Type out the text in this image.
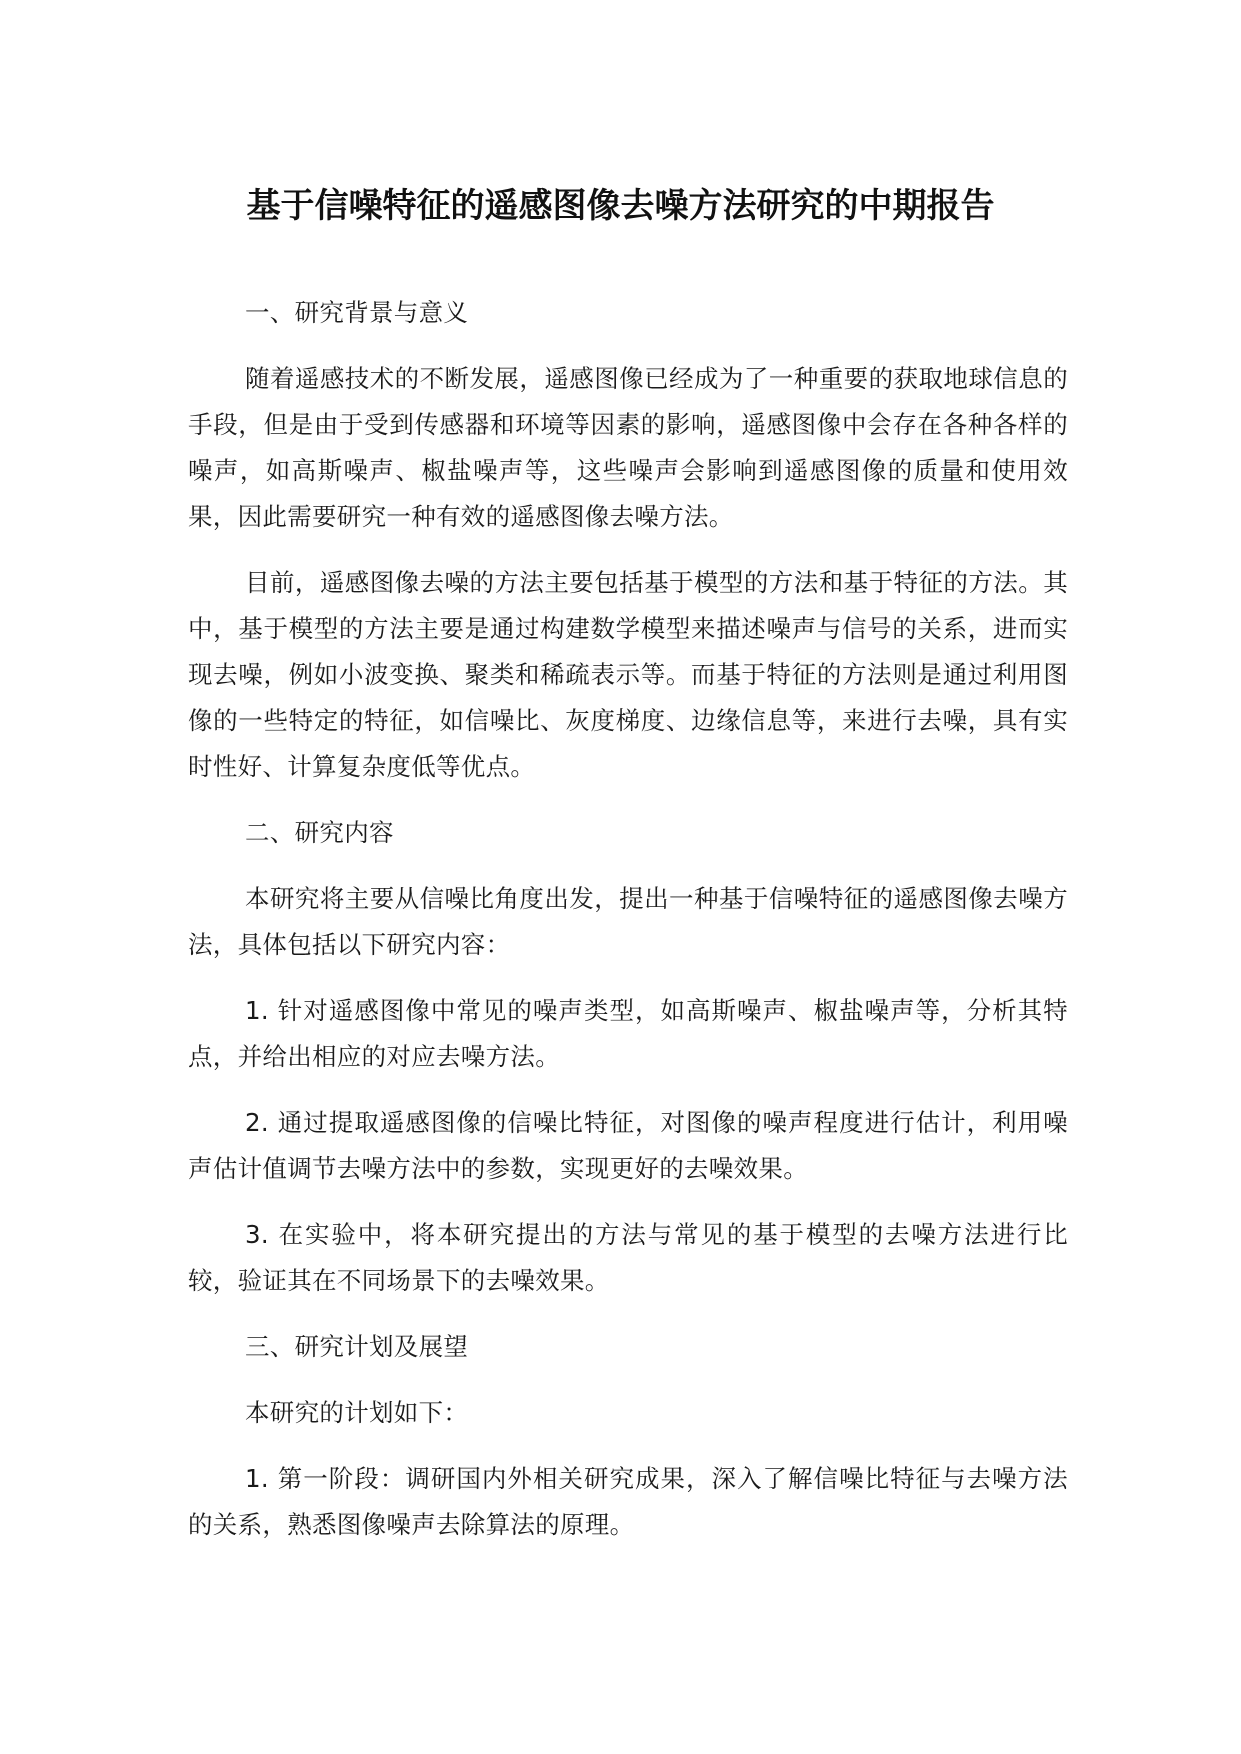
基于信噪特征的遥感图像去噪方法研究的中期报告

一、研究背景与意义

随着遥感技术的不断发展，遥感图像已经成为了一种重要的获取地球信息的手段，但是由于受到传感器和环境等因素的影响，遥感图像中会存在各种各样的噪声，如高斯噪声、椒盐噪声等，这些噪声会影响到遥感图像的质量和使用效果，因此需要研究一种有效的遥感图像去噪方法。

目前，遥感图像去噪的方法主要包括基于模型的方法和基于特征的方法。其中，基于模型的方法主要是通过构建数学模型来描述噪声与信号的关系，进而实现去噪，例如小波变换、聚类和稀疏表示等。而基于特征的方法则是通过利用图像的一些特定的特征，如信噪比、灰度梯度、边缘信息等，来进行去噪，具有实时性好、计算复杂度低等优点。

二、研究内容

本研究将主要从信噪比角度出发，提出一种基于信噪特征的遥感图像去噪方法，具体包括以下研究内容：

1. 针对遥感图像中常见的噪声类型，如高斯噪声、椒盐噪声等，分析其特点，并给出相应的对应去噪方法。

2. 通过提取遥感图像的信噪比特征，对图像的噪声程度进行估计，利用噪声估计值调节去噪方法中的参数，实现更好的去噪效果。

3. 在实验中，将本研究提出的方法与常见的基于模型的去噪方法进行比较，验证其在不同场景下的去噪效果。

三、研究计划及展望

本研究的计划如下：

1. 第一阶段：调研国内外相关研究成果，深入了解信噪比特征与去噪方法的关系，熟悉图像噪声去除算法的原理。
